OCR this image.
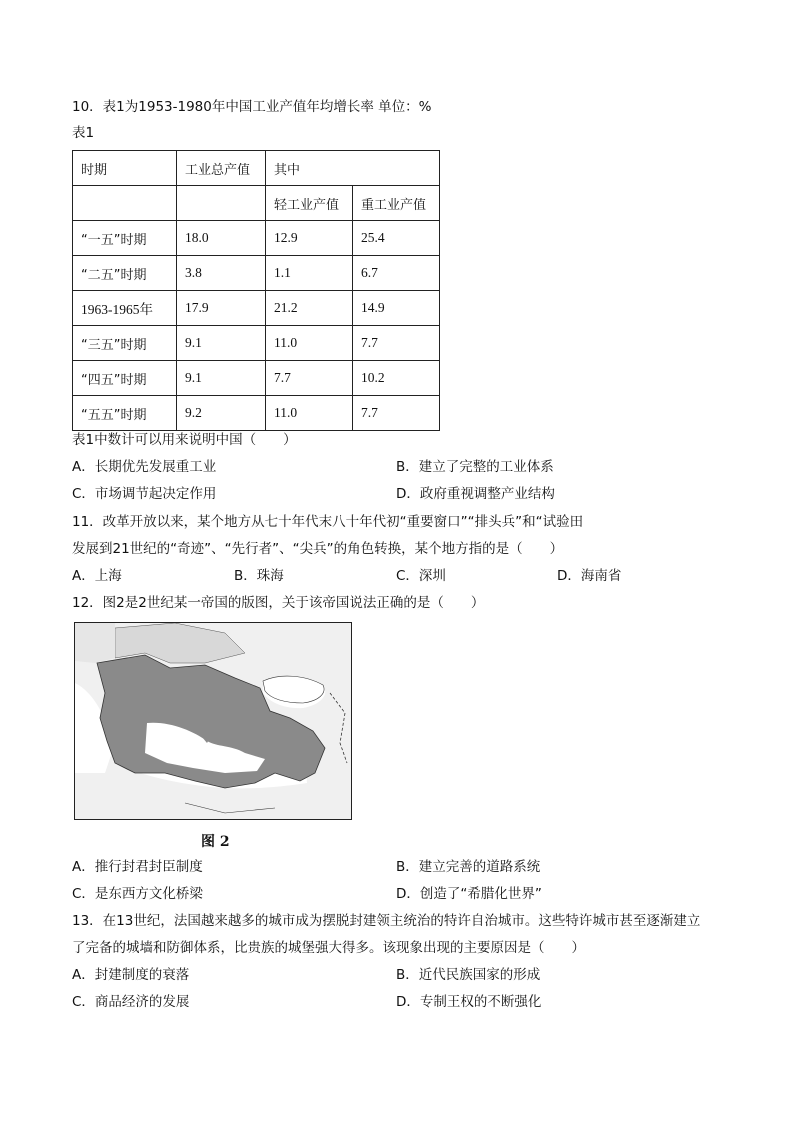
10．表1为1953-1980年中国工业产值年均增长率 单位：%
表1
时期	工业总产值	其中	
		轻工业产值	重工业产值
“一五”时期	18.0	12.9	25.4
“二五”时期	3.8	1.1	6.7
1963-1965年	17.9	21.2	14.9
“三五”时期	9.1	11.0	7.7
“四五”时期	9.1	7.7	10.2
“五五”时期	9.2	11.0	7.7
表1中数计可以用来说明中国（　　）
A．长期优先发展重工业	B．建立了完整的工业体系
C．市场调节起决定作用	D．政府重视调整产业结构
11．改革开放以来，某个地方从七十年代末八十年代初“重要窗口”“排头兵”和“试验田
发展到21世纪的“奇迹”、“先行者”、“尖兵”的角色转换，某个地方指的是（　　）
A．上海	B．珠海	C．深圳	D．海南省
12．图2是2世纪某一帝国的版图，关于该帝国说法正确的是（　　）
图 2
A．推行封君封臣制度	B．建立完善的道路系统
C．是东西方文化桥梁	D．创造了“希腊化世界”
13．在13世纪，法国越来越多的城市成为摆脱封建领主统治的特许自治城市。这些特许城市甚至逐渐建立
了完备的城墙和防御体系，比贵族的城堡强大得多。该现象出现的主要原因是（　　）
A．封建制度的衰落	B．近代民族国家的形成
C．商品经济的发展	D．专制王权的不断强化
